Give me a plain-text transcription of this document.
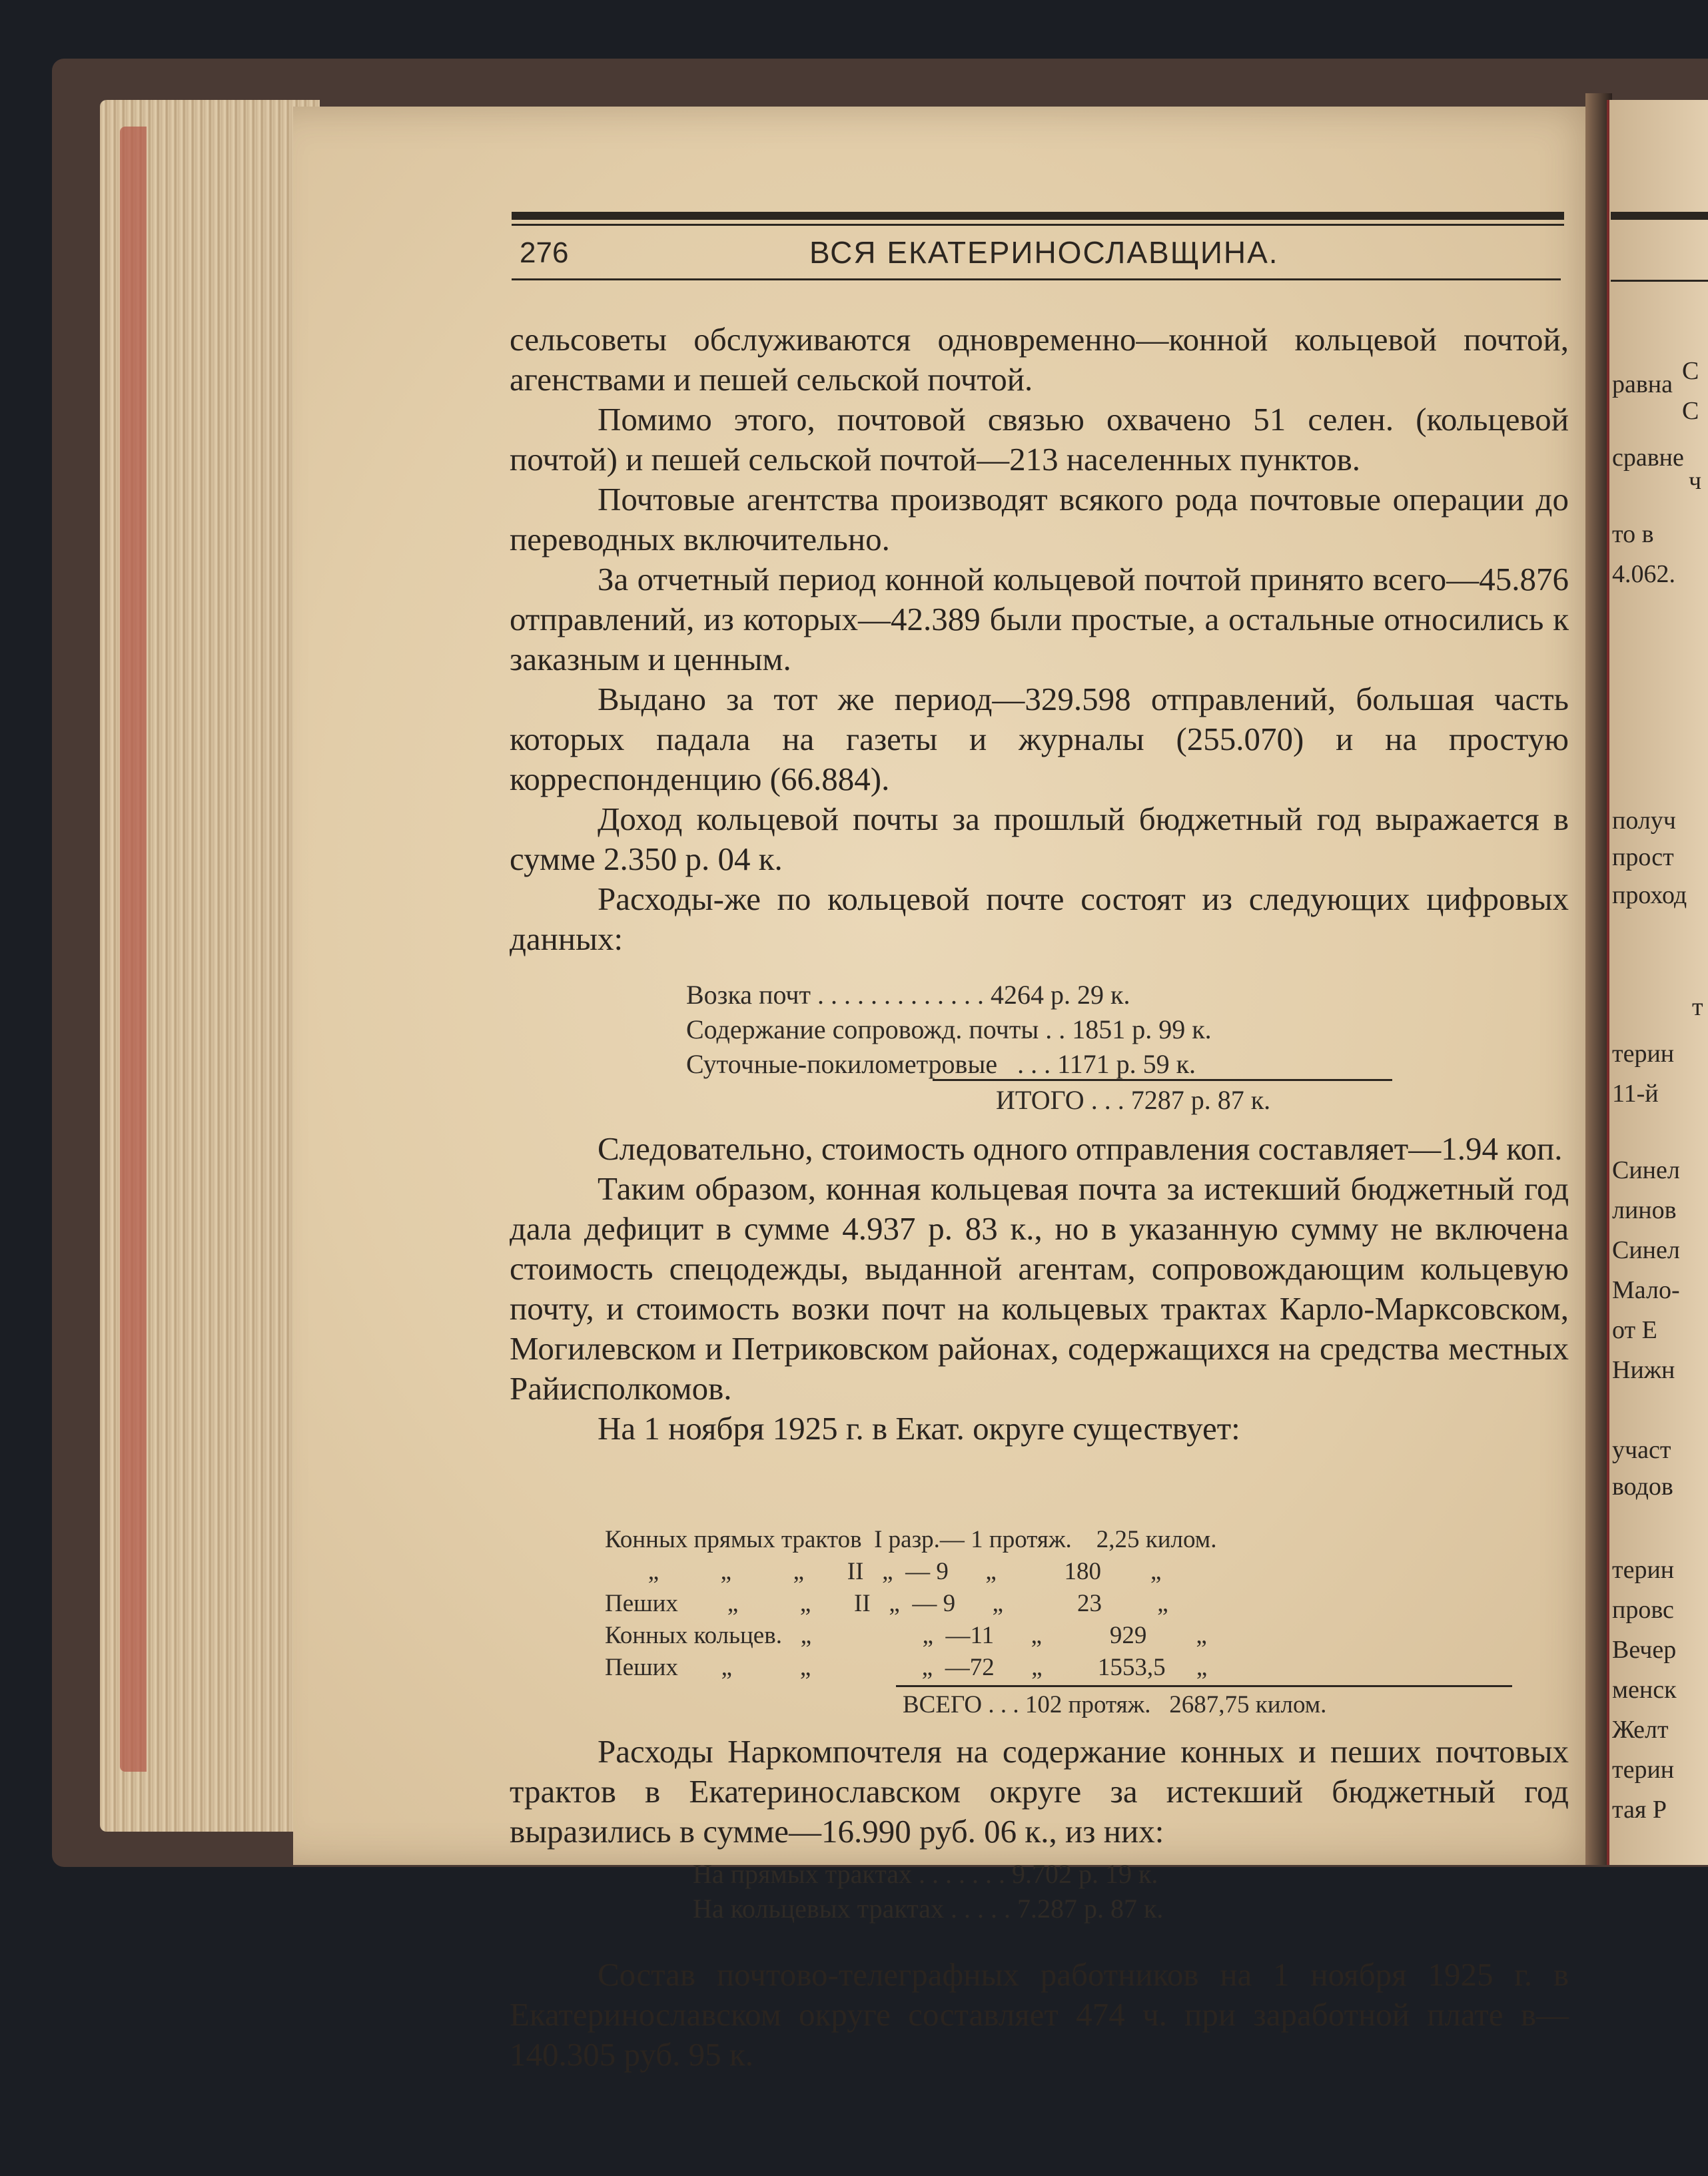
276	ВСЯ ЕКАТЕРИНОСЛАВЩИНА.

сельсоветы обслуживаются одновременно—конной кольцевой почтой, агенствами и пешей сельской почтой.

Помимо этого, почтовой связью охвачено 51 селен. (кольцевой почтой) и пешей сельской почтой—213 населенных пунктов.

Почтовые агентства производят всякого рода почтовые операции до переводных включительно.

За отчетный период конной кольцевой почтой принято всего—45.876 отправлений, из которых—42.389 были простые, а остальные относились к заказным и ценным.

Выдано за тот же период—329.598 отправлений, большая часть которых падала на газеты и журналы (255.070) и на простую корреспонденцию (66.884).

Доход кольцевой почты за прошлый бюджетный год выражается в сумме 2.350 р. 04 к.

Расходы-же по кольцевой почте состоят из следующих цифровых данных:

Возка почт . . . . . . . . . . . . . 4264 р. 29 к.
Содержание сопровожд. почты . . 1851 р. 99 к.
Суточные-покилометровые   . . . 1171 р. 59 к.
ИТОГО . . . 7287 р. 87 к.

Следовательно, стоимость одного отправления составляет—1.94 коп.

Таким образом, конная кольцевая почта за истекший бюджетный год дала дефицит в сумме 4.937 р. 83 к., но в указанную сумму не включена стоимость спецодежды, выданной агентам, сопровождающим кольцевую почту, и стоимость возки почт на кольцевых трактах Карло-Марксовском, Могилевском и Петриковском районах, содержащихся на средства местных Райисполкомов.

На 1 ноября 1925 г. в Екат. округе существует:

Конных прямых трактов  I разр.— 1 протяж.    2,25 килом.
„          „          „       II   „  — 9      „           180        „
Пеших        „          „       II   „  — 9      „            23         „
Конных кольцев.   „                  „  —11      „           929        „
Пеших       „           „                  „  —72      „         1553,5     „
ВСЕГО . . . 102 протяж.   2687,75 килом.

Расходы Наркомпочтеля на содержание конных и пеших почтовых трактов в Екатеринославском округе за истекший бюджетный год выразились в сумме—16.990 руб. 06 к., из них:

На прямых трактах . . . . . . . 9.702 р. 19 к.
На кольцевых трактах . . . . . 7.287 р. 87 к.

Состав почтово-телеграфных работников на 1 ноября 1925 г. в Екатеринославском округе составляет 474 ч. при заработной плате в—140.305 руб. 95 к.

С
равна
С
сравне
ч
то в
4.062.
получ
прост
проход
т
терин
11-й
Синел
линов
Синел
Мало-
от Е
Нижн
участ
водов
терин
провс
Вечер
менск
Желт
терин
тая Р
